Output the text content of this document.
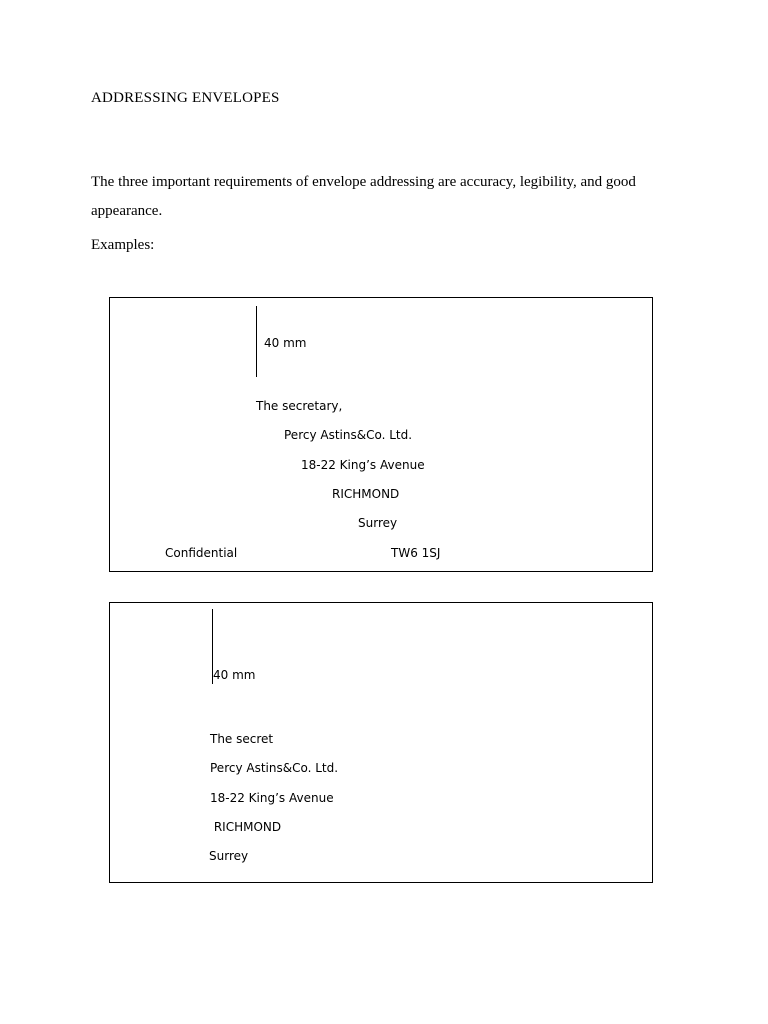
ADDRESSING ENVELOPES
The three important requirements of envelope addressing are accuracy, legibility, and good appearance.
Examples:
40 mm
The secretary,
Percy Astins&Co. Ltd.
18-22 King’s Avenue
RICHMOND
Surrey
Confidential	TW6 1SJ
40 mm
The secret
Percy Astins&Co. Ltd.
18-22 King’s Avenue
RICHMOND
Surrey
